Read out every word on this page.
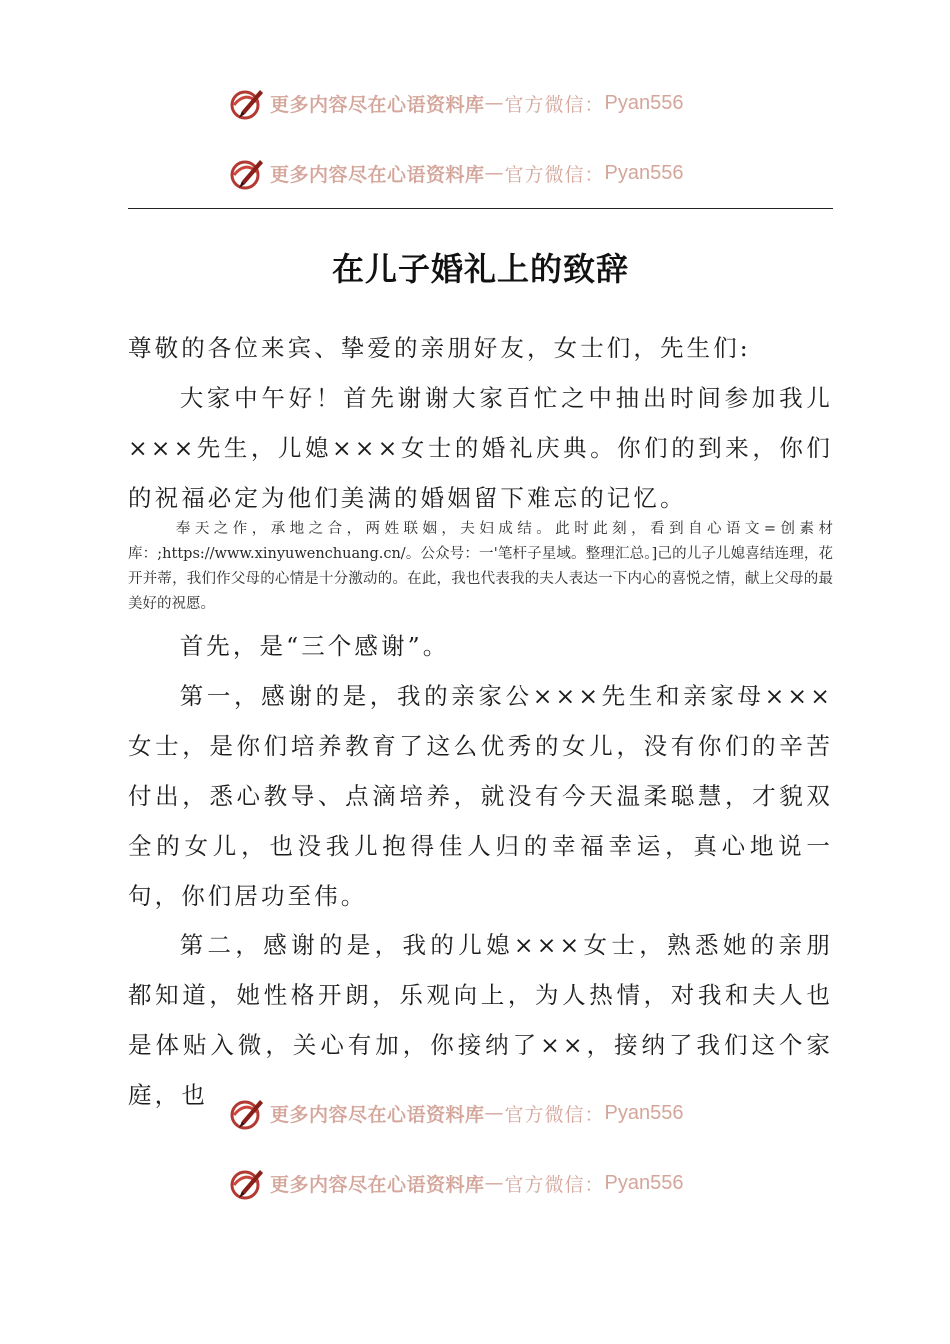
更多内容尽在心语资料库 — 官方微信： Pyan556
更多内容尽在心语资料库 — 官方微信： Pyan556
在儿子婚礼上的致辞
尊敬的各位来宾、挚爱的亲朋好友，女士们，先生们:
大家中午好！首先谢谢大家百忙之中抽出时间参加我儿×××先生，儿媳×××女士的婚礼庆典。你们的到来，你们的祝福必定为他们美满的婚姻留下难忘的记忆。
奉天之作，承地之合，两姓联姻，夫妇成结。此时此刻，看到自心语文=创素材库：;https://www.xinyuwenchuang.cn/。公众号：一'笔杆子星域。整理汇总。]己的儿子儿媳喜结连理，花开并蒂，我们作父母的心情是十分激动的。在此，我也代表我的夫人表达一下内心的喜悦之情，献上父母的最美好的祝愿。
首先，是“三个感谢”。
第一，感谢的是，我的亲家公×××先生和亲家母×××女士，是你们培养教育了这么优秀的女儿，没有你们的辛苦付出，悉心教导、点滴培养，就没有今天温柔聪慧，才貌双全的女儿，也没我儿抱得佳人归的幸福幸运，真心地说一句，你们居功至伟。
第二，感谢的是，我的儿媳×××女士，熟悉她的亲朋都知道，她性格开朗，乐观向上，为人热情，对我和夫人也是体贴入微，关心有加，你接纳了××，接纳了我们这个家庭，也
更多内容尽在心语资料库 — 官方微信： Pyan556
更多内容尽在心语资料库 — 官方微信： Pyan556
